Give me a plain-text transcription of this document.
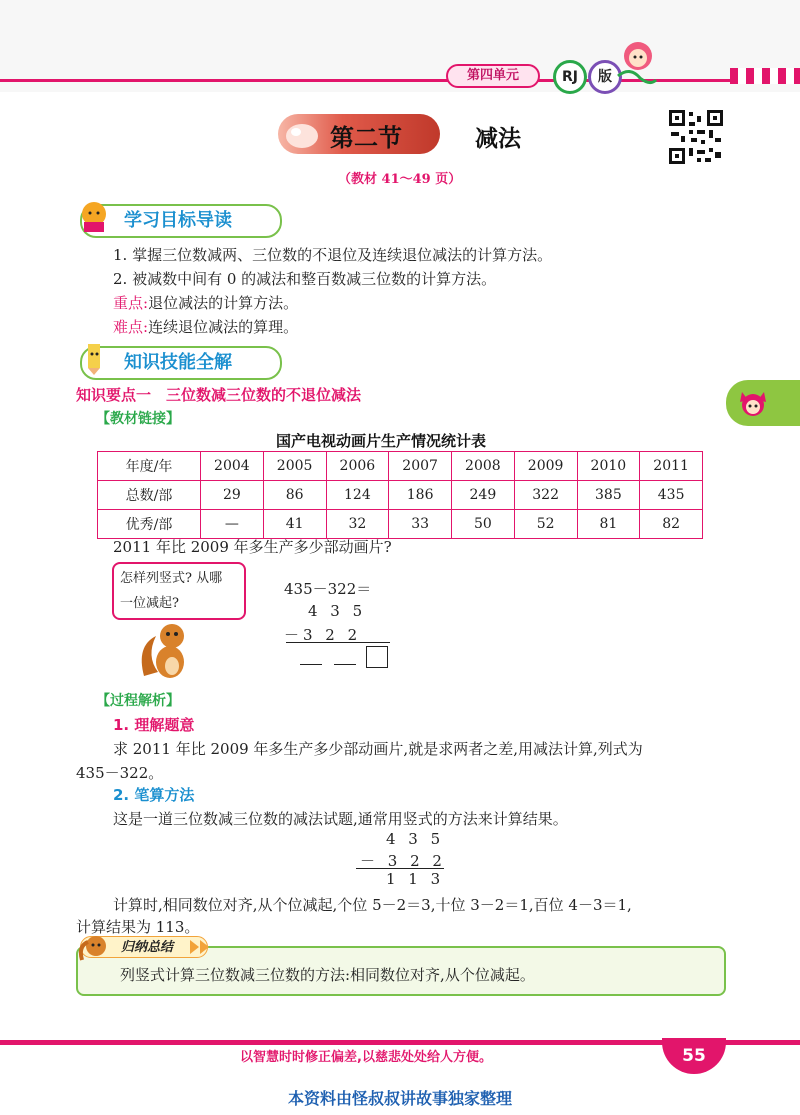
第四单元	RJ	版
第二节	减法
（教材 41～49 页）
学习目标导读
1. 掌握三位数减两、三位数的不退位及连续退位减法的计算方法。
2. 被减数中间有 0 的减法和整百数减三位数的计算方法。
重点:退位减法的计算方法。
难点:连续退位减法的算理。
知识技能全解
知识要点一　三位数减三位数的不退位减法
【教材链接】
国产电视动画片生产情况统计表
年度/年	2004	2005	2006	2007	2008	2009	2010	2011
总数/部	29	86	124	186	249	322	385	435
优秀/部	—	41	32	33	50	52	81	82
2011 年比 2009 年多生产多少部动画片?
怎样列竖式? 从哪
一位减起?
435－322＝
4 3 5
－3 2 2
【过程解析】
1. 理解题意
求 2011 年比 2009 年多生产多少部动画片,就是求两者之差,用减法计算,列式为
435－322。
2. 笔算方法
这是一道三位数减三位数的减法试题,通常用竖式的方法来计算结果。
4 3 5
－ 3 2 2
1 1 3
计算时,相同数位对齐,从个位减起,个位 5－2＝3,十位 3－2＝1,百位 4－3＝1,
计算结果为 113。
归纳总结
列竖式计算三位数减三位数的方法:相同数位对齐,从个位减起。
以智慧时时修正偏差,以慈悲处处给人方便。	55
本资料由怪叔叔讲故事独家整理
